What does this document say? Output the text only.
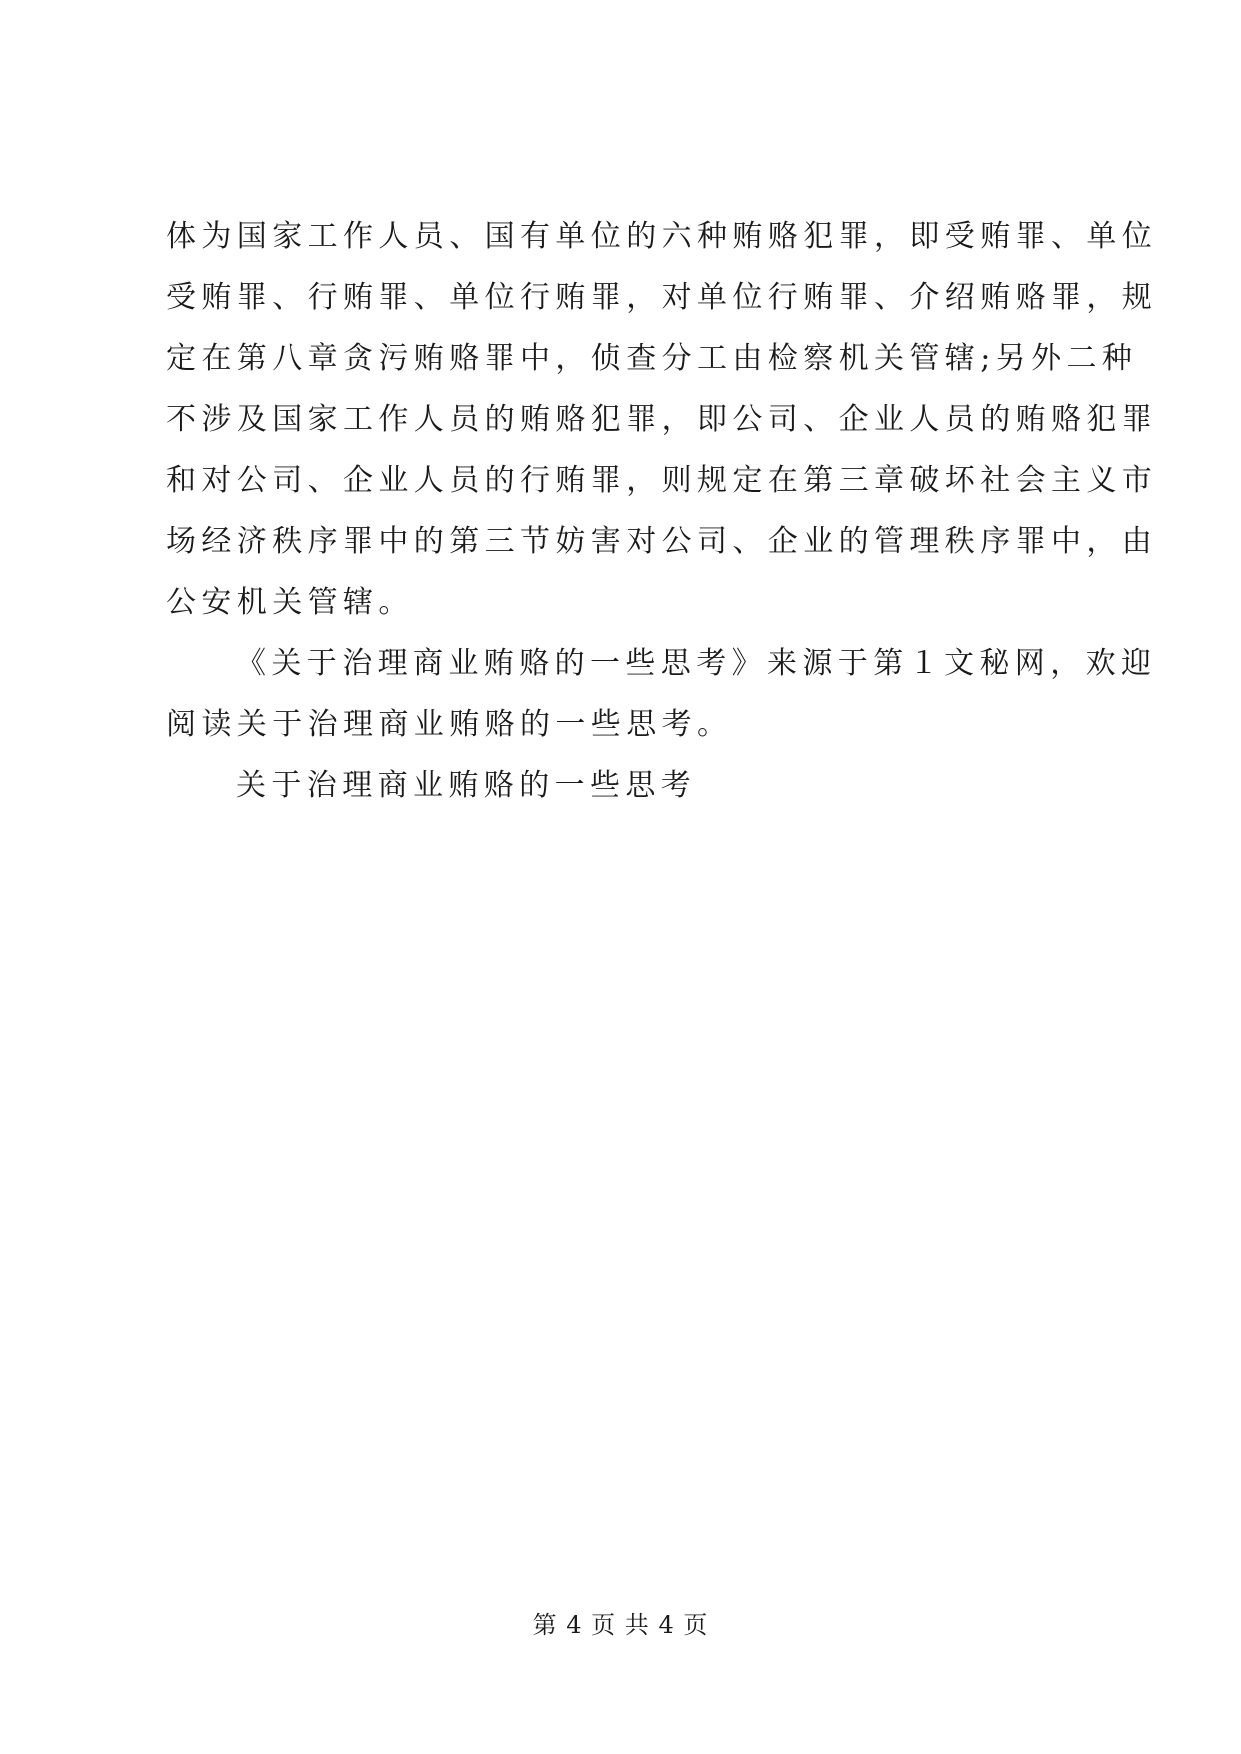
体为国家工作人员、国有单位的六种贿赂犯罪，即受贿罪、单位
受贿罪、行贿罪、单位行贿罪，对单位行贿罪、介绍贿赂罪，规
定在第八章贪污贿赂罪中，侦查分工由检察机关管辖;另外二种
不涉及国家工作人员的贿赂犯罪，即公司、企业人员的贿赂犯罪
和对公司、企业人员的行贿罪，则规定在第三章破坏社会主义市
场经济秩序罪中的第三节妨害对公司、企业的管理秩序罪中，由
公安机关管辖。
《关于治理商业贿赂的一些思考》来源于第１文秘网，欢迎
阅读关于治理商业贿赂的一些思考。
关于治理商业贿赂的一些思考
第 4 页 共 4 页
